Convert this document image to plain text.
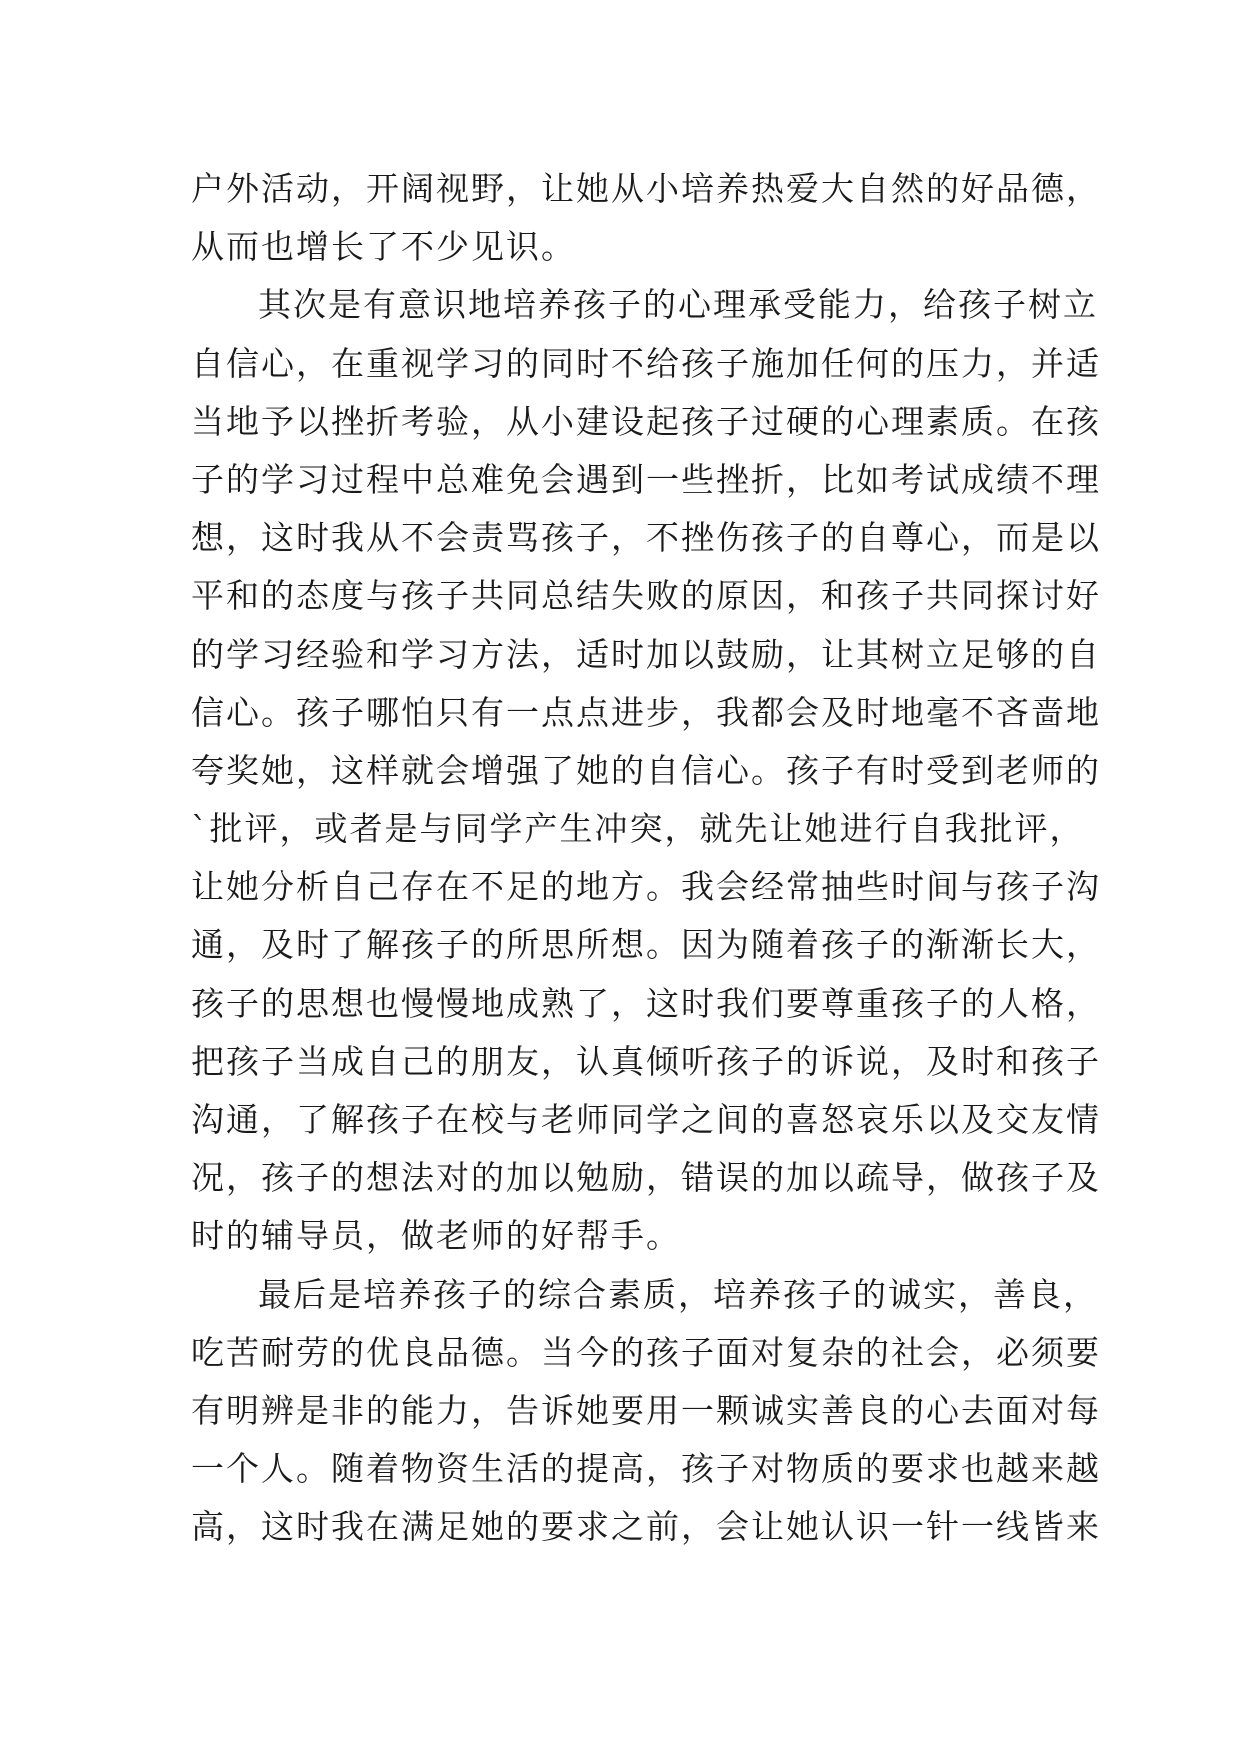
户外活动，开阔视野，让她从小培养热爱大自然的好品德，
从而也增长了不少见识。
其次是有意识地培养孩子的心理承受能力，给孩子树立
自信心，在重视学习的同时不给孩子施加任何的压力，并适
当地予以挫折考验，从小建设起孩子过硬的心理素质。在孩
子的学习过程中总难免会遇到一些挫折，比如考试成绩不理
想，这时我从不会责骂孩子，不挫伤孩子的自尊心，而是以
平和的态度与孩子共同总结失败的原因，和孩子共同探讨好
的学习经验和学习方法，适时加以鼓励，让其树立足够的自
信心。孩子哪怕只有一点点进步，我都会及时地毫不吝啬地
夸奖她，这样就会增强了她的自信心。孩子有时受到老师的
`批评，或者是与同学产生冲突，就先让她进行自我批评，
让她分析自己存在不足的地方。我会经常抽些时间与孩子沟
通，及时了解孩子的所思所想。因为随着孩子的渐渐长大，
孩子的思想也慢慢地成熟了，这时我们要尊重孩子的人格，
把孩子当成自己的朋友，认真倾听孩子的诉说，及时和孩子
沟通，了解孩子在校与老师同学之间的喜怒哀乐以及交友情
况，孩子的想法对的加以勉励，错误的加以疏导，做孩子及
时的辅导员，做老师的好帮手。
最后是培养孩子的综合素质，培养孩子的诚实，善良，
吃苦耐劳的优良品德。当今的孩子面对复杂的社会，必须要
有明辨是非的能力，告诉她要用一颗诚实善良的心去面对每
一个人。随着物资生活的提高，孩子对物质的要求也越来越
高，这时我在满足她的要求之前，会让她认识一针一线皆来
